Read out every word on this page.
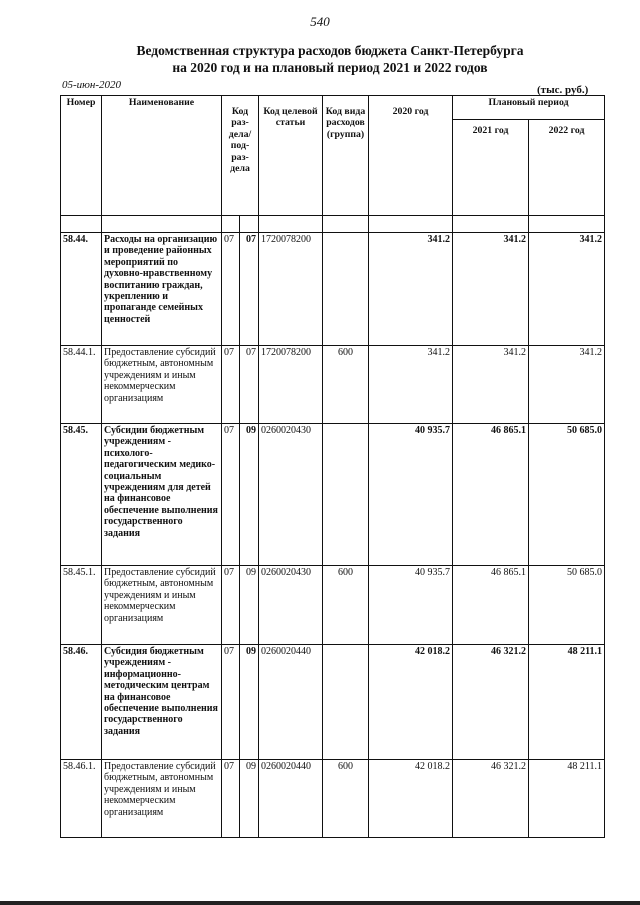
540
Ведомственная структура расходов бюджета Санкт-Петербурга
на 2020 год и на плановый период 2021 и 2022 годов
05-июн-2020	(тыс. руб.)
Номер	Наименование	Код раз- дела/ под- раз- дела		Код целевой статьи	Код вида расходов (группа)	2020 год	Плановый период	
							2021 год	2022 год

58.44.	Расходы на организацию и проведение районных мероприятий по духовно-нравственному воспитанию граждан, укреплению и пропаганде семейных ценностей	07	07	1720078200		341.2	341.2	341.2
58.44.1.	Предоставление субсидий бюджетным, автономным учреждениям и иным некоммерческим организациям	07	07	1720078200	600	341.2	341.2	341.2
58.45.	Субсидии бюджетным учреждениям - психолого-педагогическим медико-социальным учреждениям для детей на финансовое обеспечение выполнения государственного задания	07	09	0260020430		40 935.7	46 865.1	50 685.0
58.45.1.	Предоставление субсидий бюджетным, автономным учреждениям и иным некоммерческим организациям	07	09	0260020430	600	40 935.7	46 865.1	50 685.0
58.46.	Субсидия бюджетным учреждениям - информационно-методическим центрам на финансовое обеспечение выполнения государственного задания	07	09	0260020440		42 018.2	46 321.2	48 211.1
58.46.1.	Предоставление субсидий бюджетным, автономным учреждениям и иным некоммерческим организациям	07	09	0260020440	600	42 018.2	46 321.2	48 211.1
